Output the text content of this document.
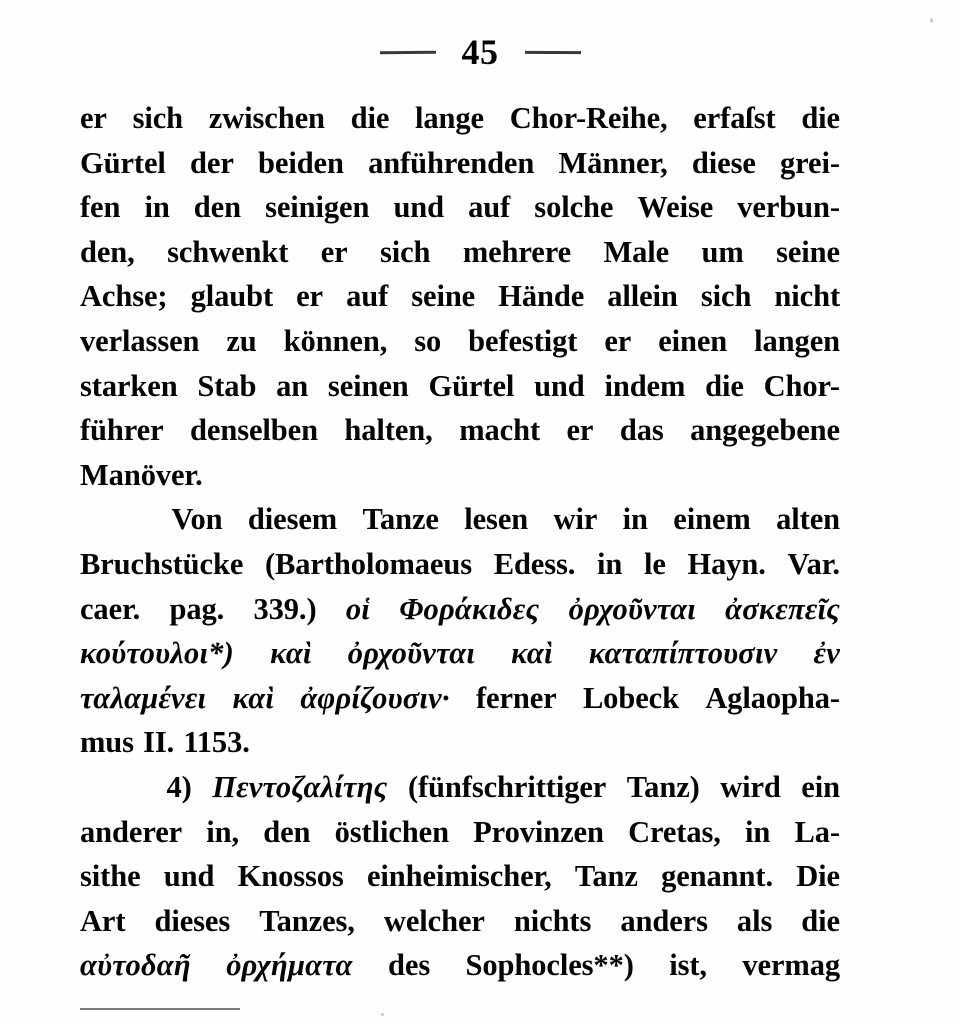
45
er sich zwischen die lange Chor-Reihe, erfaſst die
Gürtel der beiden anführenden Männer, diese grei-
fen in den seinigen und auf solche Weise verbun-
den, schwenkt er sich mehrere Male um seine
Achse; glaubt er auf seine Hände allein sich nicht
verlassen zu können, so befestigt er einen langen
starken Stab an seinen Gürtel und indem die Chor-
führer denselben halten, macht er das angegebene
Manöver.
Von diesem Tanze lesen wir in einem alten
Bruchstücke (Bartholomaeus Edess. in le Hayn. Var.
caer. pag. 339.) οἱ Φοράκιδες ὀρχοῦνται ἀσκεπεῖς
κούτουλοι*) καὶ ὀρχοῦνται καὶ καταπίπτουσιν ἐν
ταλαμένει καὶ ἀφρίζουσιν· ferner Lobeck Aglaopha-
mus II. 1153.
4) Πεντοζαλίτης (fünfschrittiger Tanz) wird ein
anderer in, den östlichen Provinzen Cretas, in La-
sithe und Knossos einheimischer, Tanz genannt. Die
Art dieses Tanzes, welcher nichts anders als die
αὐτοδαῆ ὀρχήματα des Sophocles**) ist, vermag
